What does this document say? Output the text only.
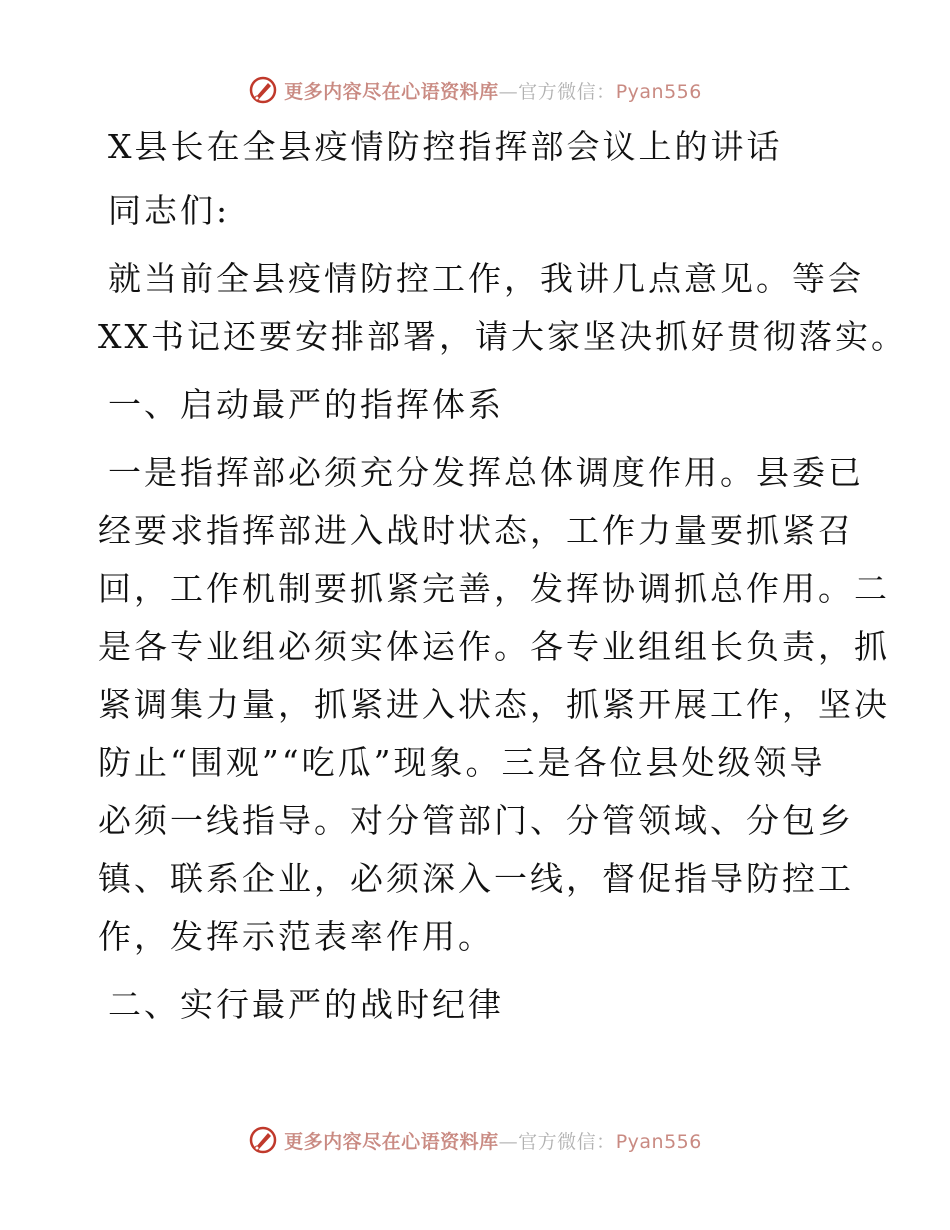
更多内容尽在心语资料库—官方微信：Pyan556
X县长在全县疫情防控指挥部会议上的讲话
同志们:
就当前全县疫情防控工作，我讲几点意见。等会
XX书记还要安排部署，请大家坚决抓好贯彻落实。
一、启动最严的指挥体系
一是指挥部必须充分发挥总体调度作用。县委已
经要求指挥部进入战时状态，工作力量要抓紧召
回，工作机制要抓紧完善，发挥协调抓总作用。二
是各专业组必须实体运作。各专业组组长负责，抓
紧调集力量，抓紧进入状态，抓紧开展工作，坚决
防止“围观”“吃瓜”现象。三是各位县处级领导
必须一线指导。对分管部门、分管领域、分包乡
镇、联系企业，必须深入一线，督促指导防控工
作，发挥示范表率作用。
二、实行最严的战时纪律
更多内容尽在心语资料库—官方微信：Pyan556
